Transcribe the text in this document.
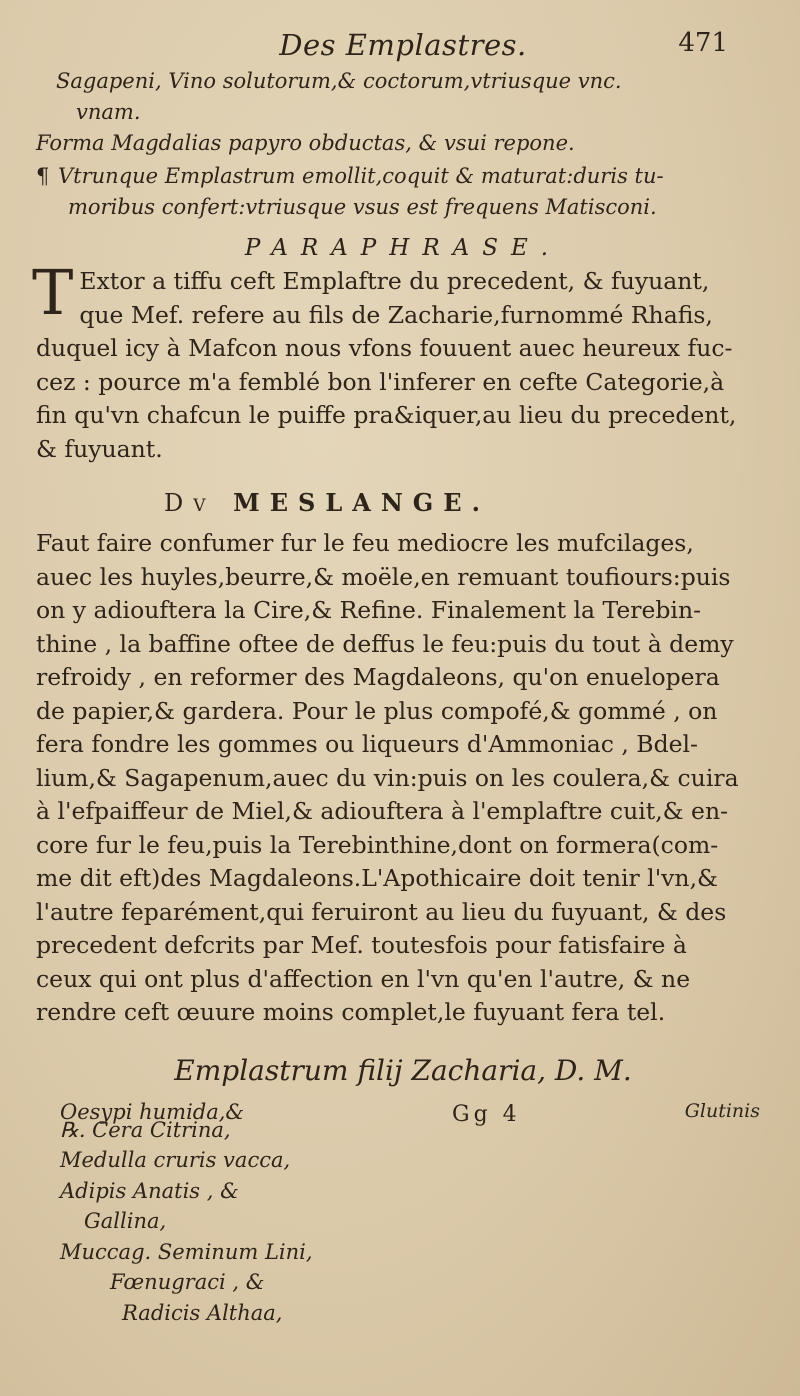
Des Emplastres.	471

Sagapeni, Vino solutorum,& coctorum,vtriusque vnc.

vnam.

Forma Magdalias papyro obductas, & vsui repone.

¶ Vtrunque Emplastrum emollit,coquit & maturat:duris tu-

moribus confert:vtriusque vsus est frequens Matisconi.

PARAPHRASE.
T Extor a tiffu ceft Emplaftre du precedent, & fuyuant,

que Mef. refere au fils de Zacharie,furnommé Rhafis,

duquel icy à Mafcon nous vfons fouuent auec heureux fuc-

cez : pource m'a femblé bon l'inferer en cefte Categorie,à

fin qu'vn chafcun le puiffe pra&iquer,au lieu du precedent,

& fuyuant.

Dv MESLANGE.

Faut faire confumer fur le feu mediocre les mufcilages,

auec les huyles,beurre,& moële,en remuant toufiours:puis

on y adioufterа la Cire,& Refine. Finalement la Terebin-

thine , la baffine oftee de deffus le feu:puis du tout à demy

refroidy , en reformer des Magdaleons, qu'on enuelopera

de papier,& gardera. Pour le plus compofé,& gommé , on

fera fondre les gommes ou liqueurs d'Ammoniac , Bdel-

lium,& Sagapenum,auec du vin:puis on les coulera,& cuira

à l'efpaiffeur de Miel,& adioufterа à l'emplaftre cuit,& en-

core fur le feu,puis la Terebinthine,dont on formera(com-

me dit eft)des Magdaleons.L'Apothicaire doit tenir l'vn,&

l'autre feparément,qui feruiront au lieu du fuyuant, & des

precedent defcrits par Mef. toutesfois pour fatisfaire à

ceux qui ont plus d'affection en l'vn qu'en l'autre, & ne

rendre ceft œuure moins complet,le fuyuant fera tel.

Emplastrum filij Zacharia, D. M.

℞. Cera Citrina,

Medulla cruris vacca,

Adipis Anatis , &

Gallina,

Muccag. Seminum Lini,

Fœnugraci , &

Radicis Althaa,

Oesypi humida,&	Gg 4	Glutinis
